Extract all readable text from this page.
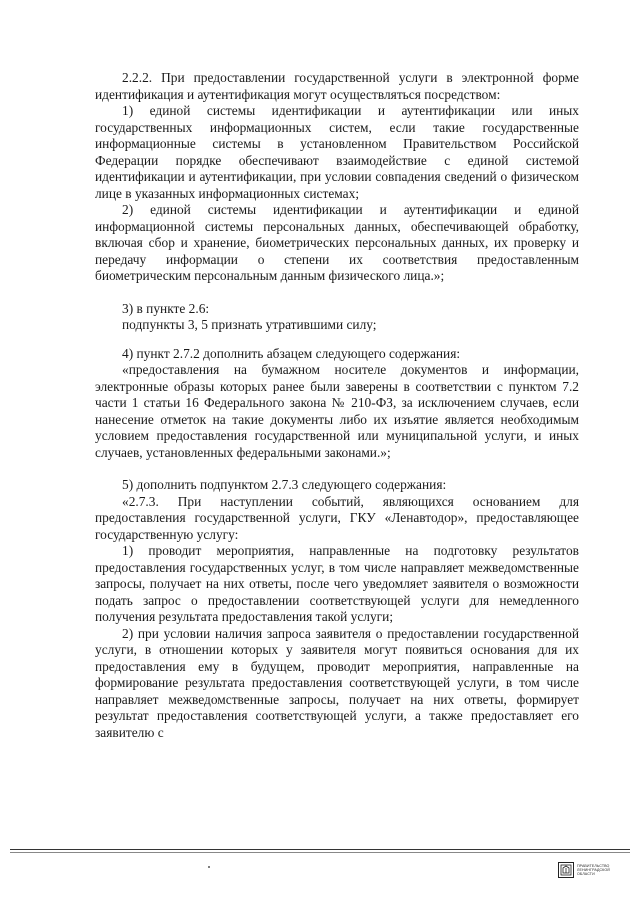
2.2.2. При предоставлении государственной услуги в электронной форме идентификация и аутентификация могут осуществляться посредством:

1) единой системы идентификации и аутентификации или иных государственных информационных систем, если такие государственные информационные системы в установленном Правительством Российской Федерации порядке обеспечивают взаимодействие с единой системой идентификации и аутентификации, при условии совпадения сведений о физическом лице в указанных информационных системах;

2) единой системы идентификации и аутентификации и единой информационной системы персональных данных, обеспечивающей обработку, включая сбор и хранение, биометрических персональных данных, их проверку и передачу информации о степени их соответствия предоставленным биометрическим персональным данным физического лица.»;

3) в пункте 2.6:

подпункты 3, 5 признать утратившими силу;

4) пункт 2.7.2 дополнить абзацем следующего содержания:

«предоставления на бумажном носителе документов и информации, электронные образы которых ранее были заверены в соответствии с пунктом 7.2 части 1 статьи 16 Федерального закона № 210-ФЗ, за исключением случаев, если нанесение отметок на такие документы либо их изъятие является необходимым условием предоставления государственной или муниципальной услуги, и иных случаев, установленных федеральными законами.»;

5) дополнить подпунктом 2.7.3 следующего содержания:

«2.7.3. При наступлении событий, являющихся основанием для предоставления государственной услуги, ГКУ «Ленавтодор», предоставляющее государственную услугу:

1) проводит мероприятия, направленные на подготовку результатов предоставления государственных услуг, в том числе направляет межведомственные запросы, получает на них ответы, после чего уведомляет заявителя о возможности подать запрос о предоставлении соответствующей услуги для немедленного получения результата предоставления такой услуги;

2) при условии наличия запроса заявителя о предоставлении государственной услуги, в отношении которых у заявителя могут появиться основания для их предоставления ему в будущем, проводит мероприятия, направленные на формирование результата предоставления соответствующей услуги, в том числе направляет межведомственные запросы, получает на них ответы, формирует результат предоставления соответствующей услуги, а также предоставляет его заявителю с

ПРАВИТЕЛЬСТВО
ЛЕНИНГРАДСКОЙ
ОБЛАСТИ
